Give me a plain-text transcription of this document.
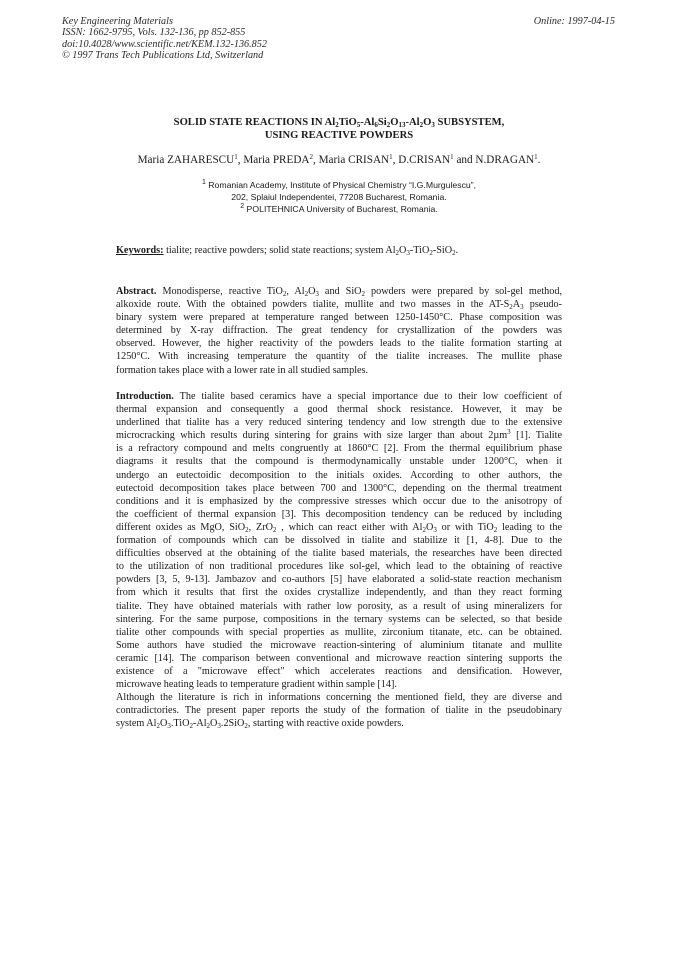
Key Engineering Materials
ISSN: 1662-9795, Vols. 132-136, pp 852-855
doi:10.4028/www.scientific.net/KEM.132-136.852
© 1997 Trans Tech Publications Ltd, Switzerland
Online: 1997-04-15
SOLID STATE REACTIONS IN $Al_2TiO_5-Al_6Si_2O_{13}-Al_2O_3$ SUBSYSTEM,
USING REACTIVE POWDERS
Maria ZAHARESCU$^1$, Maria PREDA$^2$, Maria CRISAN$^1$, D.CRISAN$^1$ and N.DRAGAN$^1$.
$^1$ Romanian Academy, Institute of Physical Chemistry “I.G.Murgulescu”,
202, Splaiul Independentei, 77208 Bucharest, Romania.
$^2$ POLITEHNICA University of Bucharest, Romania.
Keywords: tialite; reactive powders; solid state reactions; system $Al_2O_3-TiO_2-SiO_2$.
Abstract. Monodisperse, reactive TiO$_2$, $Al_2O_3$ and SiO$_2$ powders were prepared by sol-gel method,
alkoxide route. With the obtained powders tialite, mullite and two masses in the $AT-S_2A_3$ pseudo-
binary system were prepared at temperature ranged between 1250-1450°C. Phase composition was
determined by X-ray diffraction. The great tendency for crystallization of the powders was
observed. However, the higher reactivity of the powders leads to the tialite formation starting at
1250°C. With increasing temperature the quantity of the tialite increases. The mullite phase
formation takes place with a lower rate in all studied samples.
Introduction. The tialite based ceramics have a special importance due to their low coefficient of
thermal expansion and consequently a good thermal shock resistance. However, it may be
underlined that tialite has a very reduced sintering tendency and low strength due to the extensive
microcracking which results during sintering for grains with size larger than about 2µm$^3$ [1]. Tialite
is a refractory compound and melts congruently at 1860°C [2]. From the thermal equilibrium phase
diagrams it results that the compound is thermodynamically unstable under 1200°C, when it
undergo an eutectoidic decomposition to the initials oxides. According to other authors, the
eutectoid decomposition takes place between 700 and 1300°C, depending on the thermal treatment
conditions and it is emphasized by the compressive stresses which occur due to the anisotropy of
the coefficient of thermal expansion [3]. This decomposition tendency can be reduced by including
different oxides as MgO, SiO$_2$, ZrO$_2$ , which can react either with $Al_2O_3$ or with TiO$_2$ leading to the
formation of compounds which can be dissolved in tialite and stabilize it [1, 4-8]. Due to the
difficulties observed at the obtaining of the tialite based materials, the researches have been directed
to the utilization of non traditional procedures like sol-gel, which lead to the obtaining of reactive
powders [3, 5, 9-13]. Jambazov and co-authors [5] have elaborated a solid-state reaction mechanism
from which it results that first the oxides crystallize independently, and than they react forming
tialite. They have obtained materials with rather low porosity, as a result of using mineralizers for
sintering. For the same purpose, compositions in the ternary systems can be selected, so that beside
tialite other compounds with special properties as mullite, zirconium titanate, etc. can be obtained.
Some authors have studied the microwave reaction-sintering of aluminium titanate and mullite
ceramic [14]. The comparison between conventional and microwave reaction sintering supports the
existence of a "microwave effect" which accelerates reactions and densification. However,
microwave heating leads to temperature gradient within sample [14].
Although the literature is rich in informations concerning the mentioned field, they are diverse and
contradictories. The present paper reports the study of the formation of tialite in the pseudobinary
system $Al_2O_3.TiO_2-Al_2O_3.2SiO_2$, starting with reactive oxide powders.
